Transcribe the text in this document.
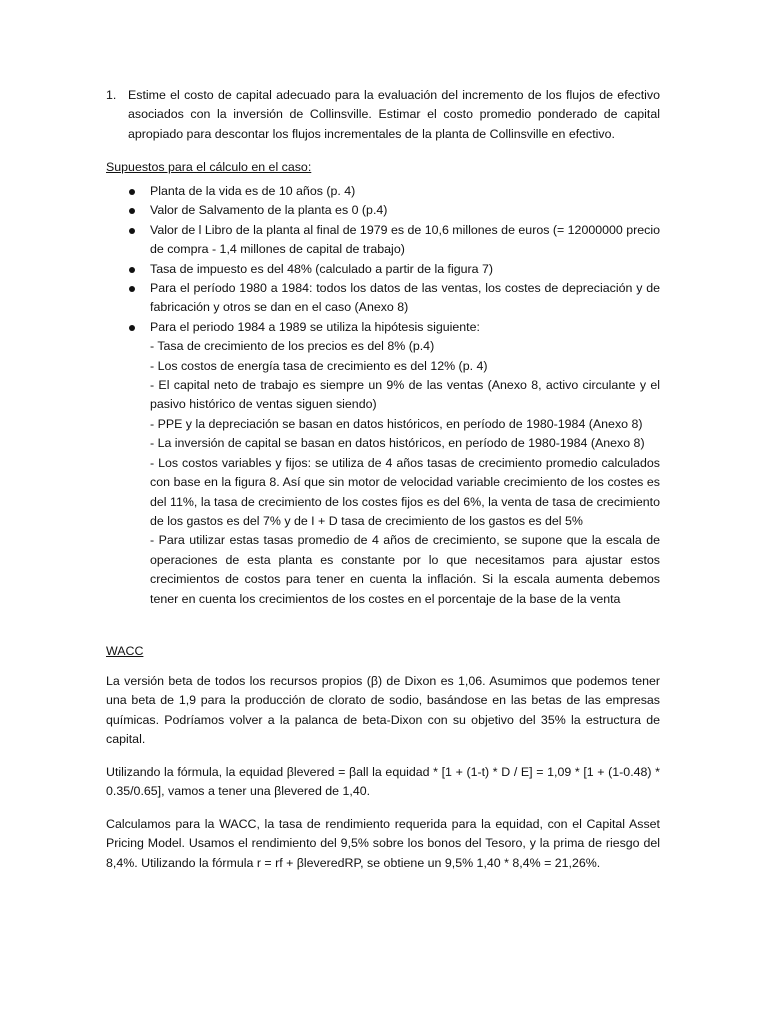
1. Estime el costo de capital adecuado para la evaluación del incremento de los flujos de efectivo asociados con la inversión de Collinsville. Estimar el costo promedio ponderado de capital apropiado para descontar los flujos incrementales de la planta de Collinsville en efectivo.
Supuestos para el cálculo en el caso:
Planta de la vida es de 10 años (p. 4)
Valor de Salvamento de la planta es 0 (p.4)
Valor de l Libro de la planta al final de 1979 es de 10,6 millones de euros (= 12000000 precio de compra - 1,4 millones de capital de trabajo)
Tasa de impuesto es del 48% (calculado a partir de la figura 7)
Para el período 1980 a 1984: todos los datos de las ventas, los costes de depreciación y de fabricación y otros se dan en el caso (Anexo 8)
Para el periodo 1984 a 1989 se utiliza la hipótesis siguiente:
- Tasa de crecimiento de los precios es del 8% (p.4)
- Los costos de energía tasa de crecimiento es del 12% (p. 4)
- El capital neto de trabajo es siempre un 9% de las ventas (Anexo 8, activo circulante y el pasivo histórico de ventas siguen siendo)
- PPE y la depreciación se basan en datos históricos, en período de 1980-1984 (Anexo 8)
- La inversión de capital se basan en datos históricos, en período de 1980-1984 (Anexo 8)
- Los costos variables y fijos: se utiliza de 4 años tasas de crecimiento promedio calculados con base en la figura 8. Así que sin motor de velocidad variable crecimiento de los costes es del 11%, la tasa de crecimiento de los costes fijos es del 6%, la venta de tasa de crecimiento de los gastos es del 7% y de I + D tasa de crecimiento de los gastos es del 5%
- Para utilizar estas tasas promedio de 4 años de crecimiento, se supone que la escala de operaciones de esta planta es constante por lo que necesitamos para ajustar estos crecimientos de costos para tener en cuenta la inflación. Si la escala aumenta debemos tener en cuenta los crecimientos de los costes en el porcentaje de la base de la venta
WACC

La versión beta de todos los recursos propios (β) de Dixon es 1,06. Asumimos que podemos tener una beta de 1,9 para la producción de clorato de sodio, basándose en las betas de las empresas químicas. Podríamos volver a la palanca de beta-Dixon con su objetivo del 35% la estructura de capital.

Utilizando la fórmula, la equidad βlevered = βall la equidad * [1 + (1-t) * D / E] = 1,09 * [1 + (1-0.48) * 0.35/0.65], vamos a tener una βlevered de 1,40.

Calculamos para la WACC, la tasa de rendimiento requerida para la equidad, con el Capital Asset Pricing Model. Usamos el rendimiento del 9,5% sobre los bonos del Tesoro, y la prima de riesgo del 8,4%. Utilizando la fórmula r = rf + βleveredRP, se obtiene un 9,5% 1,40 * 8,4% = 21,26%.
